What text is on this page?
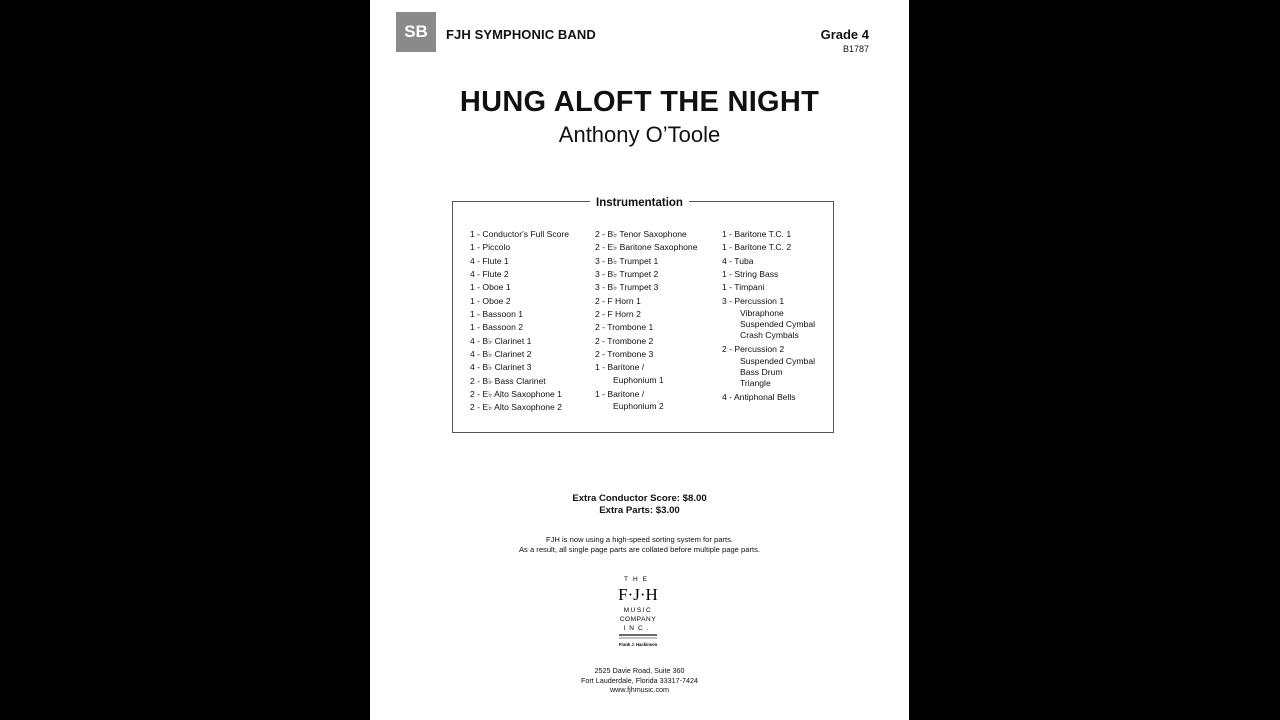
SB	FJH SYMPHONIC BAND	Grade 4
B1787
HUNG ALOFT THE NIGHT
Anthony O’Toole
Instrumentation
1 - Conductor's Full Score
1 - Piccolo
4 - Flute 1
4 - Flute 2
1 - Oboe 1
1 - Oboe 2
1 - Bassoon 1
1 - Bassoon 2
4 - B♭ Clarinet 1
4 - B♭ Clarinet 2
4 - B♭ Clarinet 3
2 - B♭ Bass Clarinet
2 - E♭ Alto Saxophone 1
2 - E♭ Alto Saxophone 2
2 - B♭ Tenor Saxophone
2 - E♭ Baritone Saxophone
3 - B♭ Trumpet 1
3 - B♭ Trumpet 2
3 - B♭ Trumpet 3
2 - F Horn 1
2 - F Horn 2
2 - Trombone 1
2 - Trombone 2
2 - Trombone 3
1 - Baritone /
Euphonium 1
1 - Baritone /
Euphonium 2
1 - Baritone T.C. 1
1 - Baritone T.C. 2
4 - Tuba
1 - String Bass
1 - Timpani
3 - Percussion 1
Vibraphone
Suspended Cymbal
Crash Cymbals
2 - Percussion 2
Suspended Cymbal
Bass Drum
Triangle
4 - Antiphonal Bells
Extra Conductor Score: $8.00
Extra Parts: $3.00
FJH is now using a high-speed sorting system for parts.
As a result, all single page parts are collated before multiple page parts.
THE
F·J·H
MUSIC
COMPANY
INC.
Frank J. Hackinson
2525 Davie Road, Suite 360
Fort Lauderdale, Florida 33317-7424
www.fjhmusic.com
